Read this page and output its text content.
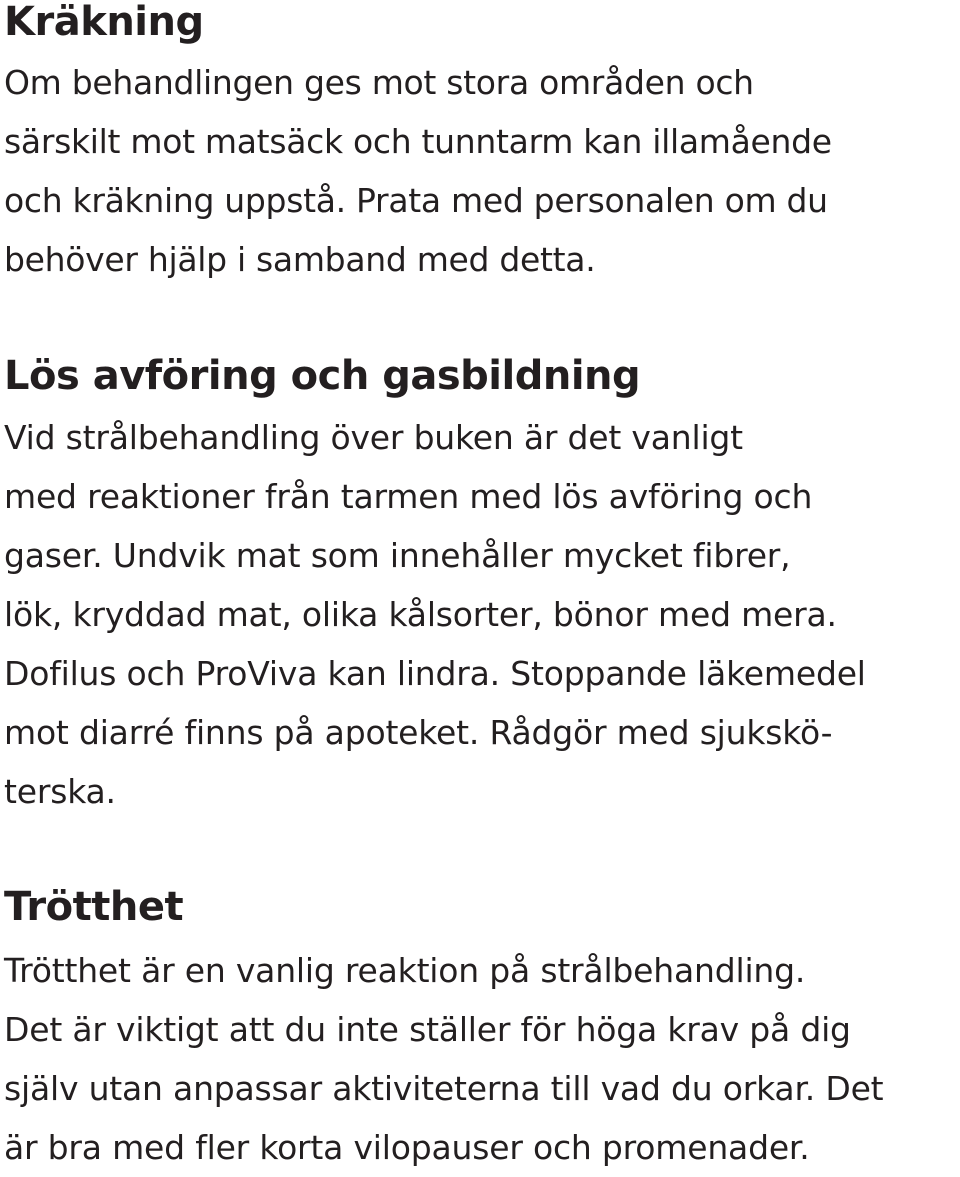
Kräkning

Om behandlingen ges mot stora områden och
särskilt mot matsäck och tunntarm kan illamående
och kräkning uppstå. Prata med personalen om du
behöver hjälp i samband med detta.

Lös avföring och gasbildning

Vid strålbehandling över buken är det vanligt
med reaktioner från tarmen med lös avföring och
gaser. Undvik mat som innehåller mycket fibrer,
lök, kryddad mat, olika kålsorter, bönor med mera.
Dofilus och ProViva kan lindra. Stoppande läkemedel
mot diarré finns på apoteket. Rådgör med sjukskö-
terska.

Trötthet

Trötthet är en vanlig reaktion på strålbehandling.
Det är viktigt att du inte ställer för höga krav på dig
själv utan anpassar aktiviteterna till vad du orkar. Det
är bra med fler korta vilopauser och promenader.
